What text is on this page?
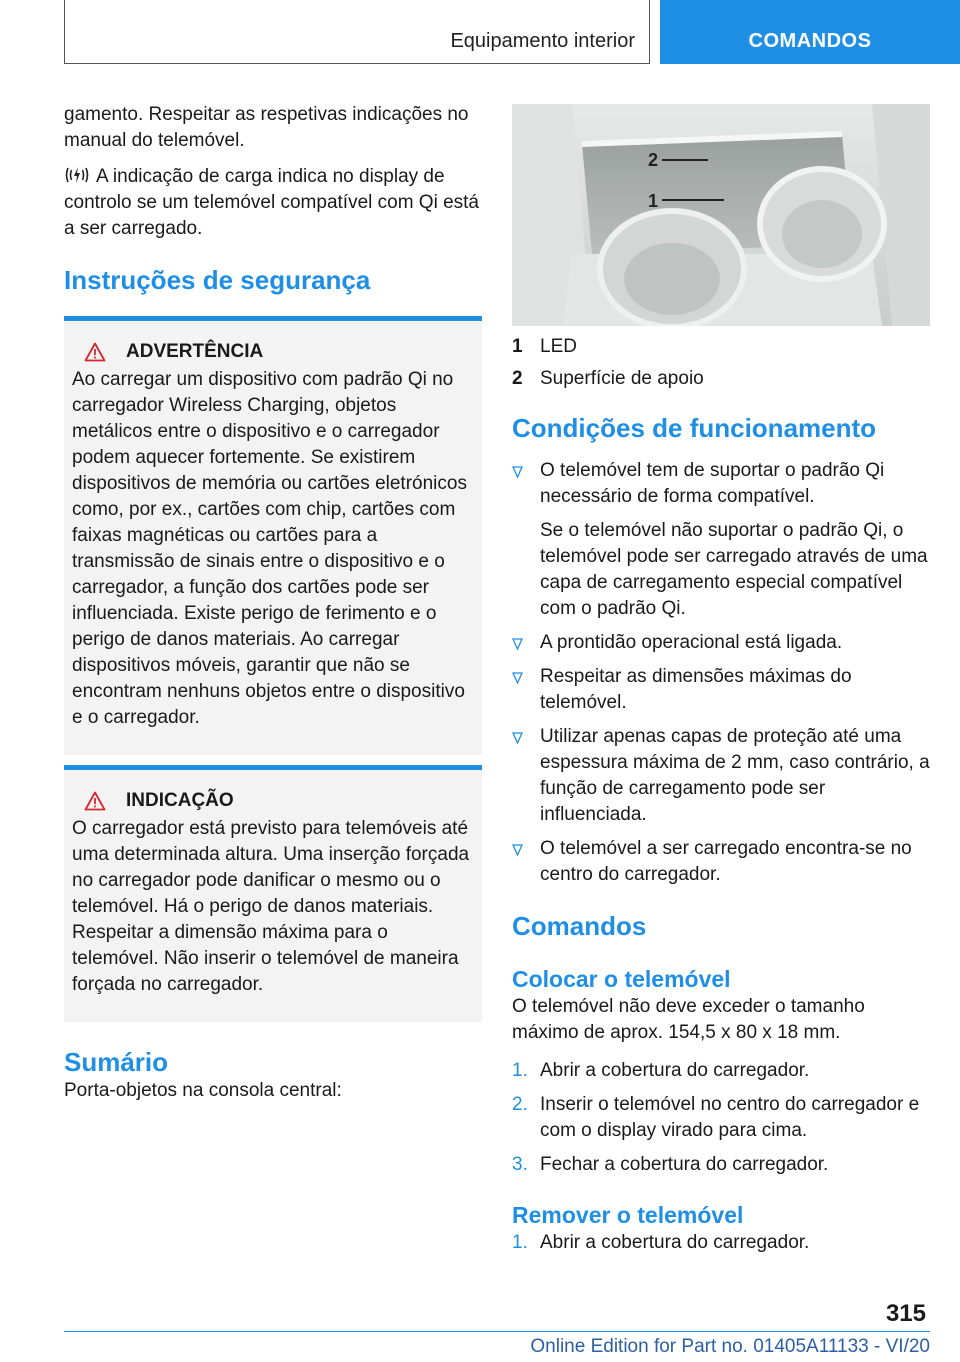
Equipamento interior	COMANDOS

gamento. Respeitar as respetivas indicações no manual do telemóvel.

A indicação de carga indica no display de controlo se um telemóvel compatível com Qi está a ser carregado.

Instruções de segurança
ADVERTÊNCIA

Ao carregar um dispositivo com padrão Qi no carregador Wireless Charging, objetos metálicos entre o dispositivo e o carregador podem aquecer fortemente. Se existirem dispositivos de memória ou cartões eletrónicos como, por ex., cartões com chip, cartões com faixas magnéticas ou cartões para a transmissão de sinais entre o dispositivo e o carregador, a função dos cartões pode ser influenciada. Existe perigo de ferimento e o perigo de danos materiais. Ao carregar dispositivos móveis, garantir que não se encontram nenhuns objetos entre o dispositivo e o carregador.

INDICAÇÃO

O carregador está previsto para telemóveis até uma determinada altura. Uma inserção forçada no carregador pode danificar o mesmo ou o telemóvel. Há o perigo de danos materiais. Respeitar a dimensão máxima para o telemóvel. Não inserir o telemóvel de maneira forçada no carregador.

Sumário

Porta-objetos na consola central:

2
1
1 LED
2 Superfície de apoio
Condições de funcionamento
O telemóvel tem de suportar o padrão Qi necessário de forma compatível.

Se o telemóvel não suportar o padrão Qi, o telemóvel pode ser carregado através de uma capa de carregamento especial compatível com o padrão Qi.

A prontidão operacional está ligada.
Respeitar as dimensões máximas do telemóvel.
Utilizar apenas capas de proteção até uma espessura máxima de 2 mm, caso contrário, a função de carregamento pode ser influenciada.
O telemóvel a ser carregado encontra-se no centro do carregador.
Comandos
Colocar o telemóvel

O telemóvel não deve exceder o tamanho máximo de aprox. 154,5 x 80 x 18 mm.

1. Abrir a cobertura do carregador.
2. Inserir o telemóvel no centro do carregador e com o display virado para cima.
3. Fechar a cobertura do carregador.
Remover o telemóvel
1. Abrir a cobertura do carregador.
315
Online Edition for Part no. 01405A11133 - VI/20
